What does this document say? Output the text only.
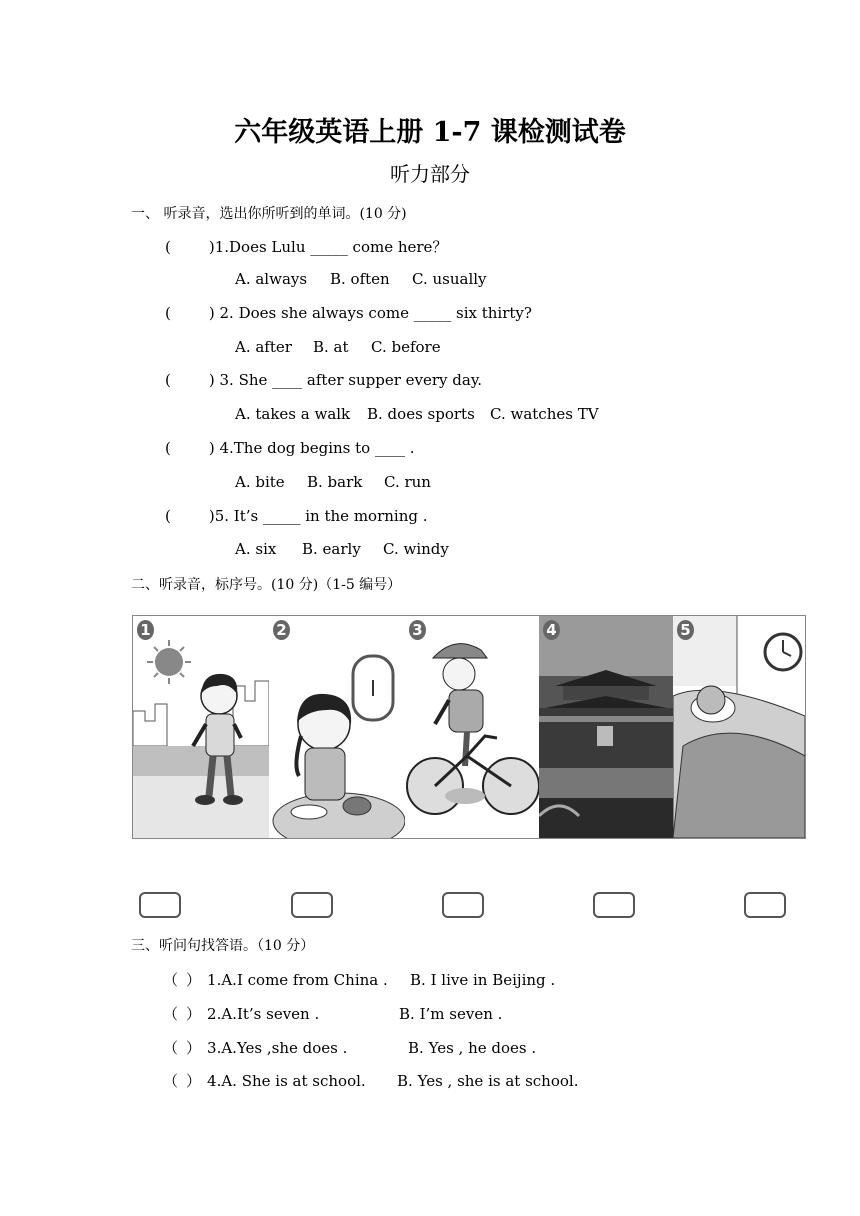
六年级英语上册 1-7 课检测试卷
听力部分
一、 听录音，选出你所听到的单词。(10 分)
(	)1.Does Lulu _____ come here？
A. always B. often C. usually
(	) 2. Does she always come _____ six thirty?
A. after B. at C. before
(	) 3. She ____ after supper every day.
A. takes a walk B. does sports C. watches TV
(	) 4.The dog begins to ____ .
A. bite B. bark C. run
(	)5. It’s _____ in the morning .
A. six B. early C. windy
二、听录音，标序号。(10 分)（1-5 编号）
1	2	3	4	5
三、听问句找答语。（10 分）
（ ） 1.A.I come from China . B. I live in Beijing .
（ ） 2.A.It’s seven .	B. I’m seven .
（ ） 3.A.Yes ,she does .	B. Yes , he does .
（ ） 4.A. She is at school. B. Yes , she is at school.
